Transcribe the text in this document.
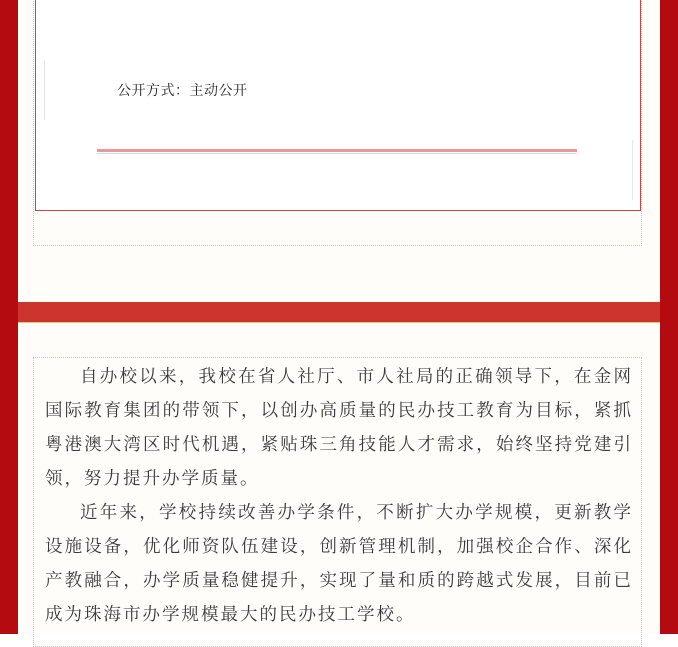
公开方式：主动公开

自办校以来，我校在省人社厅、市人社局的正确领导下，在金网国际教育集团的带领下，以创办高质量的民办技工教育为目标，紧抓粤港澳大湾区时代机遇，紧贴珠三角技能人才需求，始终坚持党建引领，努力提升办学质量。

近年来，学校持续改善办学条件，不断扩大办学规模，更新教学设施设备，优化师资队伍建设，创新管理机制，加强校企合作、深化产教融合，办学质量稳健提升，实现了量和质的跨越式发展，目前已成为珠海市办学规模最大的民办技工学校。
